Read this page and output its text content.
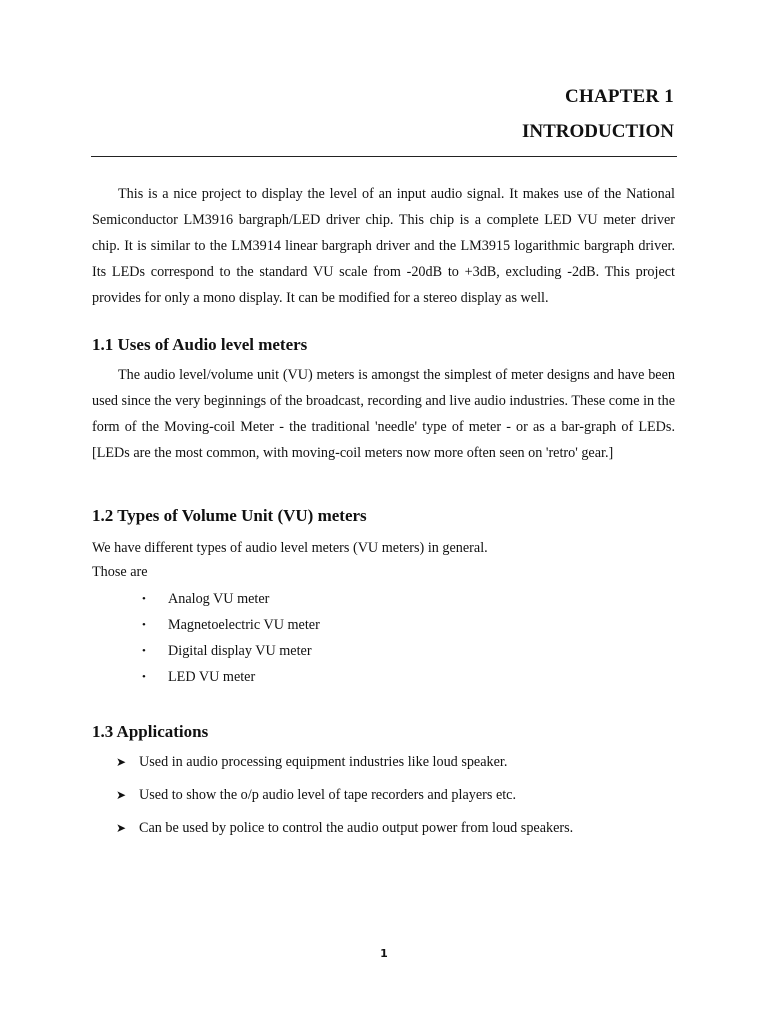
CHAPTER 1
INTRODUCTION

This is a nice project to display the level of an input audio signal. It makes use of the National Semiconductor LM3916 bargraph/LED driver chip. This chip is a complete LED VU meter driver chip. It is similar to the LM3914 linear bargraph driver and the LM3915 logarithmic bargraph driver. Its LEDs correspond to the standard VU scale from -20dB to +3dB, excluding -2dB. This project provides for only a mono display. It can be modified for a stereo display as well.

1.1 Uses of Audio level meters

The audio level/volume unit (VU) meters is amongst the simplest of meter designs and have been used since the very beginnings of the broadcast, recording and live audio industries. These come in the form of the Moving-coil Meter - the traditional 'needle' type of meter - or as a bar-graph of LEDs. [LEDs are the most common, with moving-coil meters now more often seen on 'retro' gear.]

1.2 Types of Volume Unit (VU) meters

We have different types of audio level meters (VU meters) in general.

Those are

•	Analog VU meter
•	Magnetoelectric VU meter
•	Digital display VU meter
•	LED VU meter
1.3 Applications
➤ Used in audio processing equipment industries like loud speaker.
➤ Used to show the o/p audio level of tape recorders and players etc.
➤ Can be used by police to control the audio output power from loud speakers.
1
